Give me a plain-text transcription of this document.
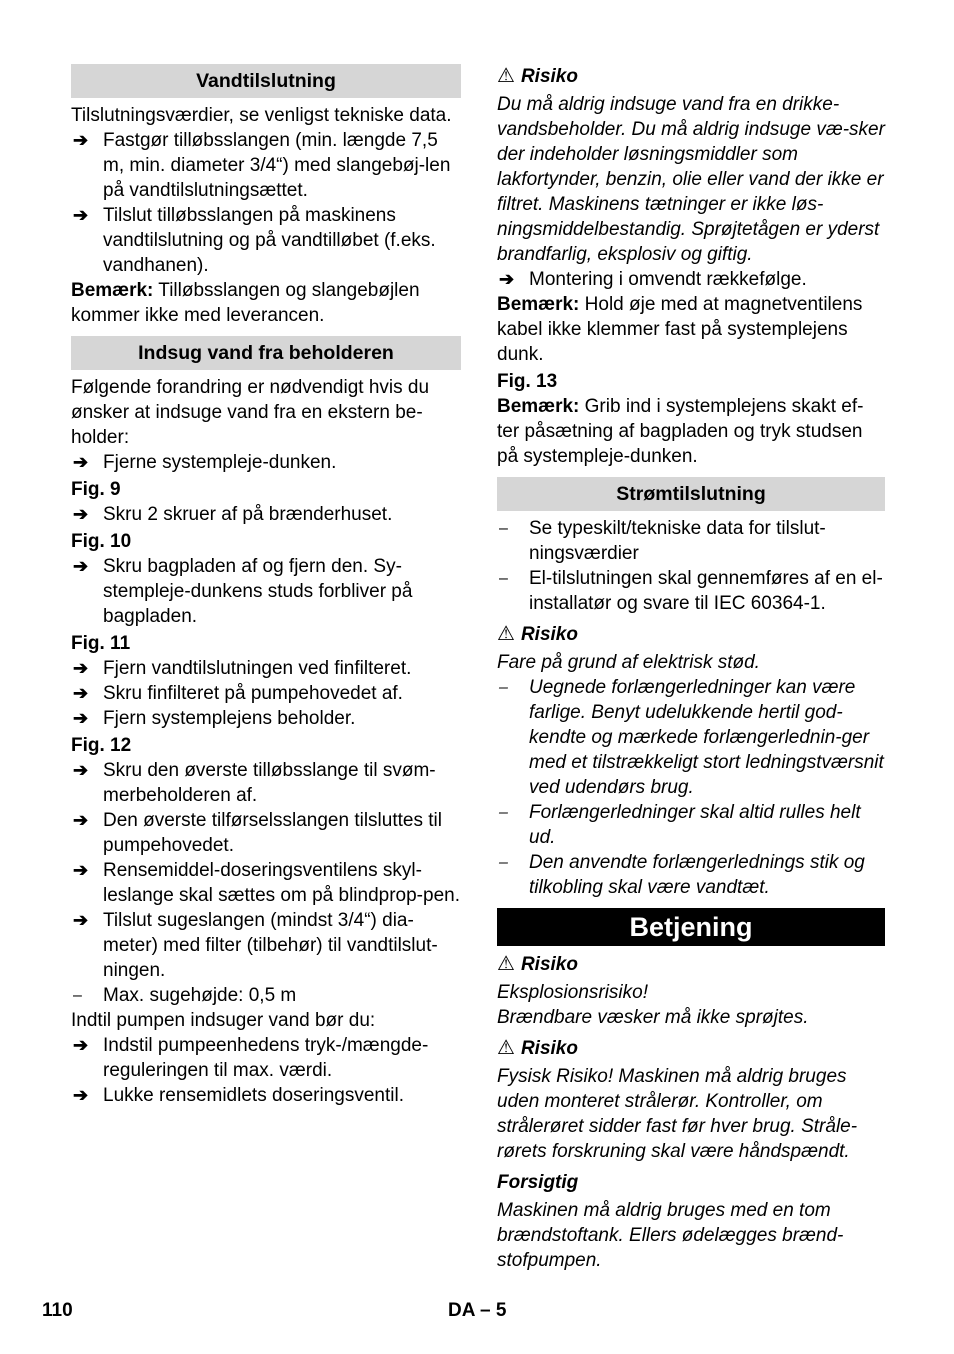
Vandtilslutning

Tilslutningsværdier, se venligst tekniske data.

➔ Fastgør tilløbsslangen (min. længde 7,5 m, min. diameter 3/4“) med slangebøj-len på vandtilslutningsættet.

➔ Tilslut tilløbsslangen på maskinens vandtilslutning og på vandtilløbet (f.eks. vandhanen).

Bemærk: Tilløbsslangen og slangebøjlen kommer ikke med leverancen.

Indsug vand fra beholderen

Følgende forandring er nødvendigt hvis du ønsker at indsuge vand fra en ekstern be-holder:

➔ Fjerne systempleje-dunken.

Fig. 9

➔ Skru 2 skruer af på brænderhuset.

Fig. 10

➔ Skru bagpladen af og fjern den. Sy-stempleje-dunkens studs forbliver på bagpladen.

Fig. 11

➔ Fjern vandtilslutningen ved finfilteret.

➔ Skru finfilteret på pumpehovedet af.

➔ Fjern systemplejens beholder.

Fig. 12

➔ Skru den øverste tilløbsslange til svøm-merbeholderen af.

➔ Den øverste tilførselsslangen tilsluttes til pumpehovedet.

➔ Rensemiddel-doseringsventilens skyl-leslange skal sættes om på blindprop-pen.

➔ Tilslut sugeslangen (mindst 3/4“) dia-meter) med filter (tilbehør) til vandtilslut-ningen.

– Max. sugehøjde: 0,5 m

Indtil pumpen indsuger vand bør du:

➔ Indstil pumpeenhedens tryk-/mængde-reguleringen til max. værdi.

➔ Lukke rensemidlets doseringsventil.

⚠ Risiko

Du må aldrig indsuge vand fra en drikke-vandsbeholder. Du må aldrig indsuge væ-sker der indeholder løsningsmiddler som lakfortynder, benzin, olie eller vand der ikke er filtret. Maskinens tætninger er ikke løs-ningsmiddelbestandig. Sprøjtetågen er yderst brandfarlig, eksplosiv og giftig.

➔ Montering i omvendt rækkefølge.

Bemærk: Hold øje med at magnetventilens kabel ikke klemmer fast på systemplejens dunk.

Fig. 13

Bemærk: Grib ind i systemplejens skakt ef-ter påsætning af bagpladen og tryk studsen på systempleje-dunken.

Strømtilslutning

– Se typeskilt/tekniske data for tilslut-ningsværdier

– El-tilslutningen skal gennemføres af en el-installatør og svare til IEC 60364-1.

⚠ Risiko

Fare på grund af elektrisk stød.

– Uegnede forlængerledninger kan være farlige. Benyt udelukkende hertil god-kendte og mærkede forlængerlednin-ger med et tilstrækkeligt stort ledningstværsnit ved udendørs brug.

– Forlængerledninger skal altid rulles helt ud.

– Den anvendte forlængerlednings stik og tilkobling skal være vandtæt.

Betjening

⚠ Risiko

Eksplosionsrisiko!

Brændbare væsker må ikke sprøjtes.

⚠ Risiko

Fysisk Risiko! Maskinen må aldrig bruges uden monteret strålerør. Kontroller, om strålerøret sidder fast før hver brug. Stråle-rørets forskruning skal være håndspændt.

Forsigtig

Maskinen må aldrig bruges med en tom brændstoftank. Ellers ødelægges brænd-stofpumpen.

110	DA – 5
